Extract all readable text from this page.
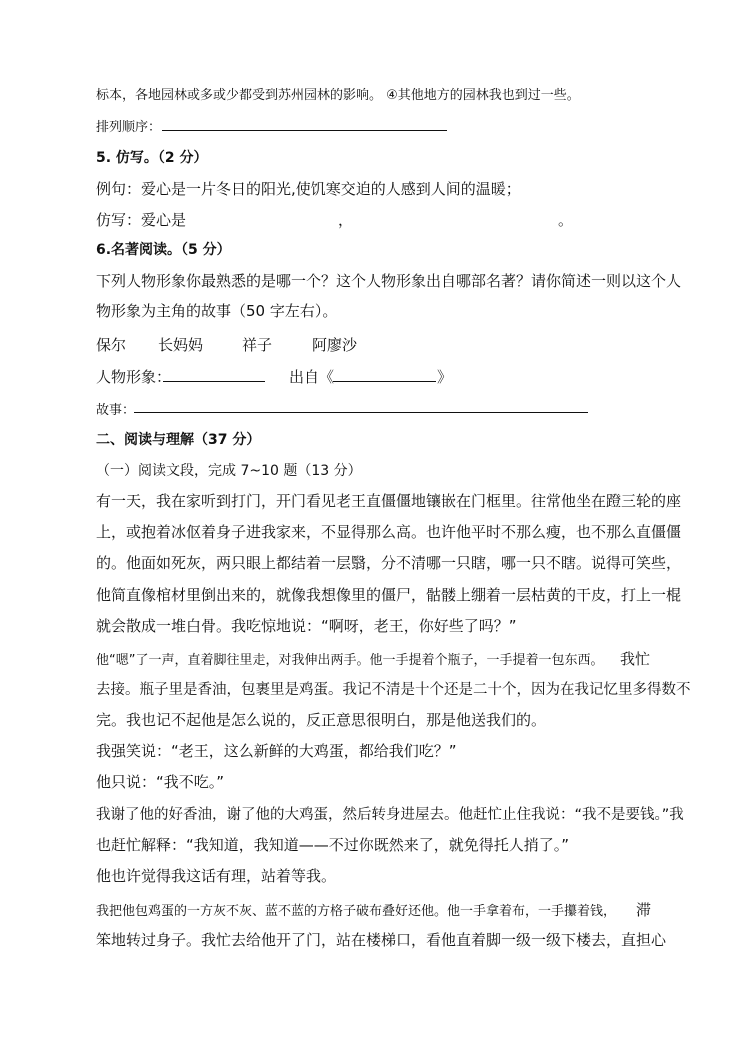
标本，各地园林或多或少都受到苏州园林的影响。 ④其他地方的园林我也到过一些。
排列顺序：
5. 仿写。（2 分）
例句：爱心是一片冬日的阳光,使饥寒交迫的人感到人间的温暖；
仿写：爱心是	，	。
6.名著阅读。（5 分）
下列人物形象你最熟悉的是哪一个？这个人物形象出自哪部名著？请你简述一则以这个人
物形象为主角的故事（50 字左右）。
保尔 长妈妈	祥子	阿廖沙
人物形象：	出自《	》
故事：
二、阅读与理解（37 分）
（一）阅读文段，完成 7~10 题（13 分）
有一天，我在家听到打门，开门看见老王直僵僵地镶嵌在门框里。往常他坐在蹬三轮的座
上，或抱着冰伛着身子进我家来，不显得那么高。也许他平时不那么瘦，也不那么直僵僵
的。他面如死灰，两只眼上都结着一层翳，分不清哪一只瞎，哪一只不瞎。说得可笑些，
他简直像棺材里倒出来的，就像我想像里的僵尸，骷髅上绷着一层枯黄的干皮，打上一棍
就会散成一堆白骨。我吃惊地说：“啊呀，老王，你好些了吗？”
他“嗯”了一声，直着脚往里走，对我伸出两手。他一手提着个瓶子，一手提着一包东西。 我忙
去接。瓶子里是香油，包裹里是鸡蛋。我记不清是十个还是二十个，因为在我记忆里多得数不
完。我也记不起他是怎么说的，反正意思很明白，那是他送我们的。
我强笑说：“老王，这么新鲜的大鸡蛋，都给我们吃？”
他只说：“我不吃。”
我谢了他的好香油，谢了他的大鸡蛋，然后转身进屋去。他赶忙止住我说：“我不是要钱。”我
也赶忙解释：“我知道，我知道——不过你既然来了，就免得托人捎了。”
他也许觉得我这话有理，站着等我。
我把他包鸡蛋的一方灰不灰、蓝不蓝的方格子破布叠好还他。他一手拿着布，一手攥着钱， 滞
笨地转过身子。我忙去给他开了门，站在楼梯口，看他直着脚一级一级下楼去，直担心
